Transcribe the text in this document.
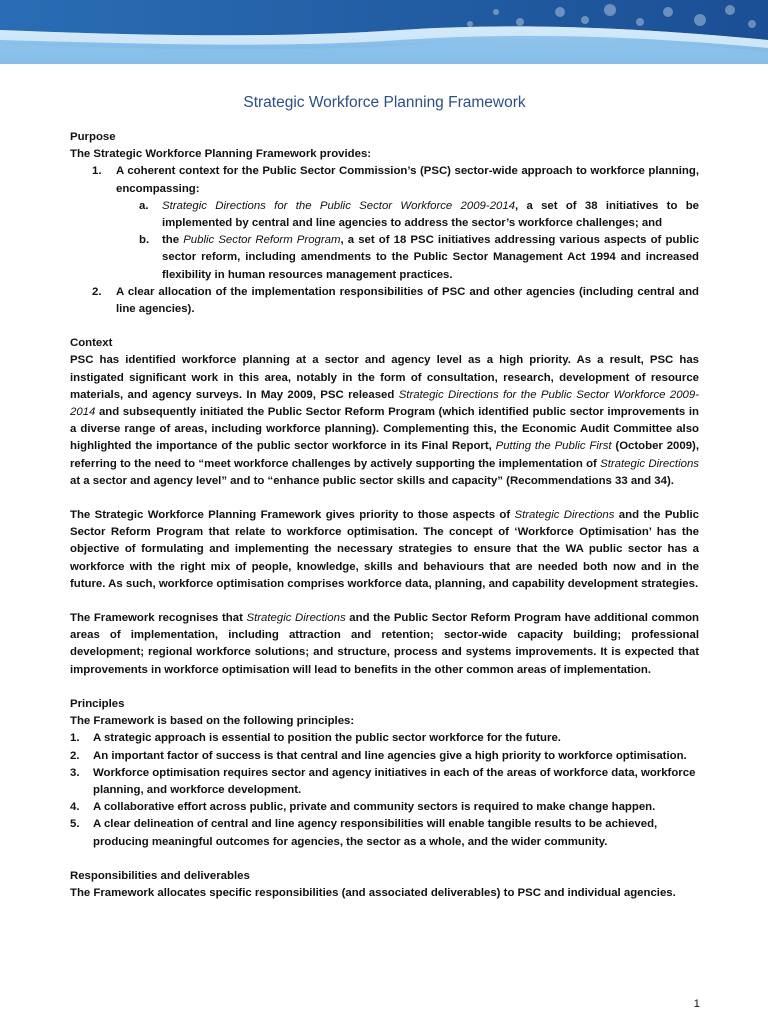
Strategic Workforce Planning Framework
Purpose
The Strategic Workforce Planning Framework provides:
1. A coherent context for the Public Sector Commission’s (PSC) sector-wide approach to workforce planning, encompassing:
a. Strategic Directions for the Public Sector Workforce 2009-2014, a set of 38 initiatives to be implemented by central and line agencies to address the sector’s workforce challenges; and
b. the Public Sector Reform Program, a set of 18 PSC initiatives addressing various aspects of public sector reform, including amendments to the Public Sector Management Act 1994 and increased flexibility in human resources management practices.
2. A clear allocation of the implementation responsibilities of PSC and other agencies (including central and line agencies).
Context

PSC has identified workforce planning at a sector and agency level as a high priority. As a result, PSC has instigated significant work in this area, notably in the form of consultation, research, development of resource materials, and agency surveys. In May 2009, PSC released Strategic Directions for the Public Sector Workforce 2009-2014 and subsequently initiated the Public Sector Reform Program (which identified public sector improvements in a diverse range of areas, including workforce planning). Complementing this, the Economic Audit Committee also highlighted the importance of the public sector workforce in its Final Report, Putting the Public First (October 2009), referring to the need to “meet workforce challenges by actively supporting the implementation of Strategic Directions at a sector and agency level” and to “enhance public sector skills and capacity” (Recommendations 33 and 34).

The Strategic Workforce Planning Framework gives priority to those aspects of Strategic Directions and the Public Sector Reform Program that relate to workforce optimisation. The concept of ‘Workforce Optimisation’ has the objective of formulating and implementing the necessary strategies to ensure that the WA public sector has a workforce with the right mix of people, knowledge, skills and behaviours that are needed both now and in the future. As such, workforce optimisation comprises workforce data, planning, and capability development strategies.

The Framework recognises that Strategic Directions and the Public Sector Reform Program have additional common areas of implementation, including attraction and retention; sector-wide capacity building; professional development; regional workforce solutions; and structure, process and systems improvements. It is expected that improvements in workforce optimisation will lead to benefits in the other common areas of implementation.

Principles
The Framework is based on the following principles:
1. A strategic approach is essential to position the public sector workforce for the future.
2. An important factor of success is that central and line agencies give a high priority to workforce optimisation.
3. Workforce optimisation requires sector and agency initiatives in each of the areas of workforce data, workforce planning, and workforce development.
4. A collaborative effort across public, private and community sectors is required to make change happen.
5. A clear delineation of central and line agency responsibilities will enable tangible results to be achieved, producing meaningful outcomes for agencies, the sector as a whole, and the wider community.
Responsibilities and deliverables
The Framework allocates specific responsibilities (and associated deliverables) to PSC and individual agencies.
1
